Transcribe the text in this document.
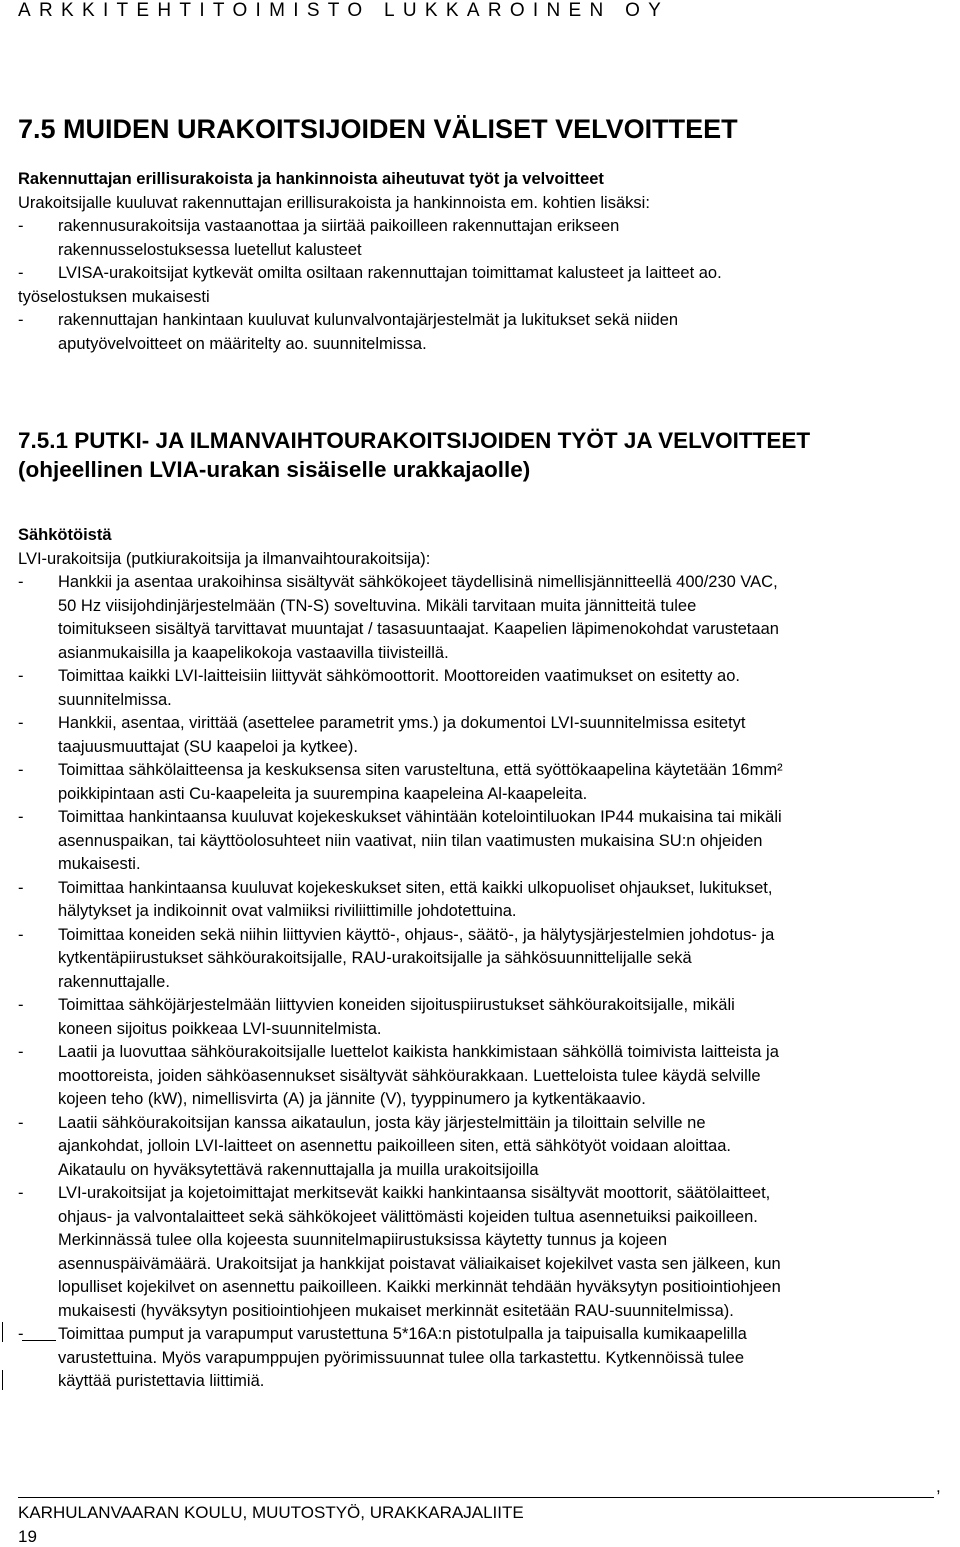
ARKKITEHTITOIMISTO LUKKAROINEN OY
7.5 MUIDEN URAKOITSIJOIDEN VÄLISET VELVOITTEET

Rakennuttajan erillisurakoista ja hankinnoista aiheutuvat työt ja velvoitteet

Urakoitsijalle kuuluvat rakennuttajan erillisurakoista ja hankinnoista em. kohtien lisäksi:

- rakennusurakoitsija vastaanottaa ja siirtää paikoilleen rakennuttajan erikseen
rakennusselostuksessa luetellut kalusteet
- LVISA-urakoitsijat kytkevät omilta osiltaan rakennuttajan toimittamat kalusteet ja laitteet ao.

työselostuksen mukaisesti

- rakennuttajan hankintaan kuuluvat kulunvalvontajärjestelmät ja lukitukset sekä niiden
aputyövelvoitteet on määritelty ao. suunnitelmissa.
7.5.1 PUTKI- JA ILMANVAIHTOURAKOITSIJOIDEN TYÖT JA VELVOITTEET
(ohjeellinen LVIA-urakan sisäiselle urakkajaolle)

Sähkötöistä

LVI-urakoitsija (putkiurakoitsija ja ilmanvaihtourakoitsija):

- Hankkii ja asentaa urakoihinsa sisältyvät sähkökojeet täydellisinä nimellisjännitteellä 400/230 VAC,
50 Hz viisijohdinjärjestelmään (TN-S) soveltuvina. Mikäli tarvitaan muita jännitteitä tulee
toimitukseen sisältyä tarvittavat muuntajat / tasasuuntaajat. Kaapelien läpimenokohdat varustetaan
asianmukaisilla ja kaapelikokoja vastaavilla tiivisteillä.
- Toimittaa kaikki LVI-laitteisiin liittyvät sähkömoottorit. Moottoreiden vaatimukset on esitetty ao.
suunnitelmissa.
- Hankkii, asentaa, virittää (asettelee parametrit yms.) ja dokumentoi LVI-suunnitelmissa esitetyt
taajuusmuuttajat (SU kaapeloi ja kytkee).
- Toimittaa sähkölaitteensa ja keskuksensa siten varusteltuna, että syöttökaapelina käytetään 16mm²
poikkipintaan asti Cu-kaapeleita ja suurempina kaapeleina Al-kaapeleita.
- Toimittaa hankintaansa kuuluvat kojekeskukset vähintään kotelointiluokan IP44 mukaisina tai mikäli
asennuspaikan, tai käyttöolosuhteet niin vaativat, niin tilan vaatimusten mukaisina SU:n ohjeiden
mukaisesti.
- Toimittaa hankintaansa kuuluvat kojekeskukset siten, että kaikki ulkopuoliset ohjaukset, lukitukset,
hälytykset ja indikoinnit ovat valmiiksi riviliittimille johdotettuina.
- Toimittaa koneiden sekä niihin liittyvien käyttö-, ohjaus-, säätö-, ja hälytysjärjestelmien johdotus- ja
kytkentäpiirustukset sähköurakoitsijalle, RAU-urakoitsijalle ja sähkösuunnittelijalle sekä
rakennuttajalle.
- Toimittaa sähköjärjestelmään liittyvien koneiden sijoituspiirustukset sähköurakoitsijalle, mikäli
koneen sijoitus poikkeaa LVI-suunnitelmista.
- Laatii ja luovuttaa sähköurakoitsijalle luettelot kaikista hankkimistaan sähköllä toimivista laitteista ja
moottoreista, joiden sähköasennukset sisältyvät sähköurakkaan. Luetteloista tulee käydä selville
kojeen teho (kW), nimellisvirta (A) ja jännite (V), tyyppinumero ja kytkentäkaavio.
- Laatii sähköurakoitsijan kanssa aikataulun, josta käy järjestelmittäin ja tiloittain selville ne
ajankohdat, jolloin LVI-laitteet on asennettu paikoilleen siten, että sähkötyöt voidaan aloittaa.
Aikataulu on hyväksytettävä rakennuttajalla ja muilla urakoitsijoilla
- LVI-urakoitsijat ja kojetoimittajat merkitsevät kaikki hankintaansa sisältyvät moottorit, säätölaitteet,
ohjaus- ja valvontalaitteet sekä sähkökojeet välittömästi kojeiden tultua asennetuiksi paikoilleen.
Merkinnässä tulee olla kojeesta suunnitelmapiirustuksissa käytetty tunnus ja kojeen
asennuspäivämäärä. Urakoitsijat ja hankkijat poistavat väliaikaiset kojekilvet vasta sen jälkeen, kun
lopulliset kojekilvet on asennettu paikoilleen. Kaikki merkinnät tehdään hyväksytyn positiointiohjeen
mukaisesti (hyväksytyn positiointiohjeen mukaiset merkinnät esitetään RAU-suunnitelmissa).
- Toimittaa pumput ja varapumput varustettuna 5*16A:n pistotulpalla ja taipuisalla kumikaapelilla
varustettuina. Myös varapumppujen pyörimissuunnat tulee olla tarkastettu. Kytkennöissä tulee
käyttää puristettavia liittimiä.
,
KARHULANVAARAN KOULU, MUUTOSTYÖ, URAKKARAJALIITE
19
